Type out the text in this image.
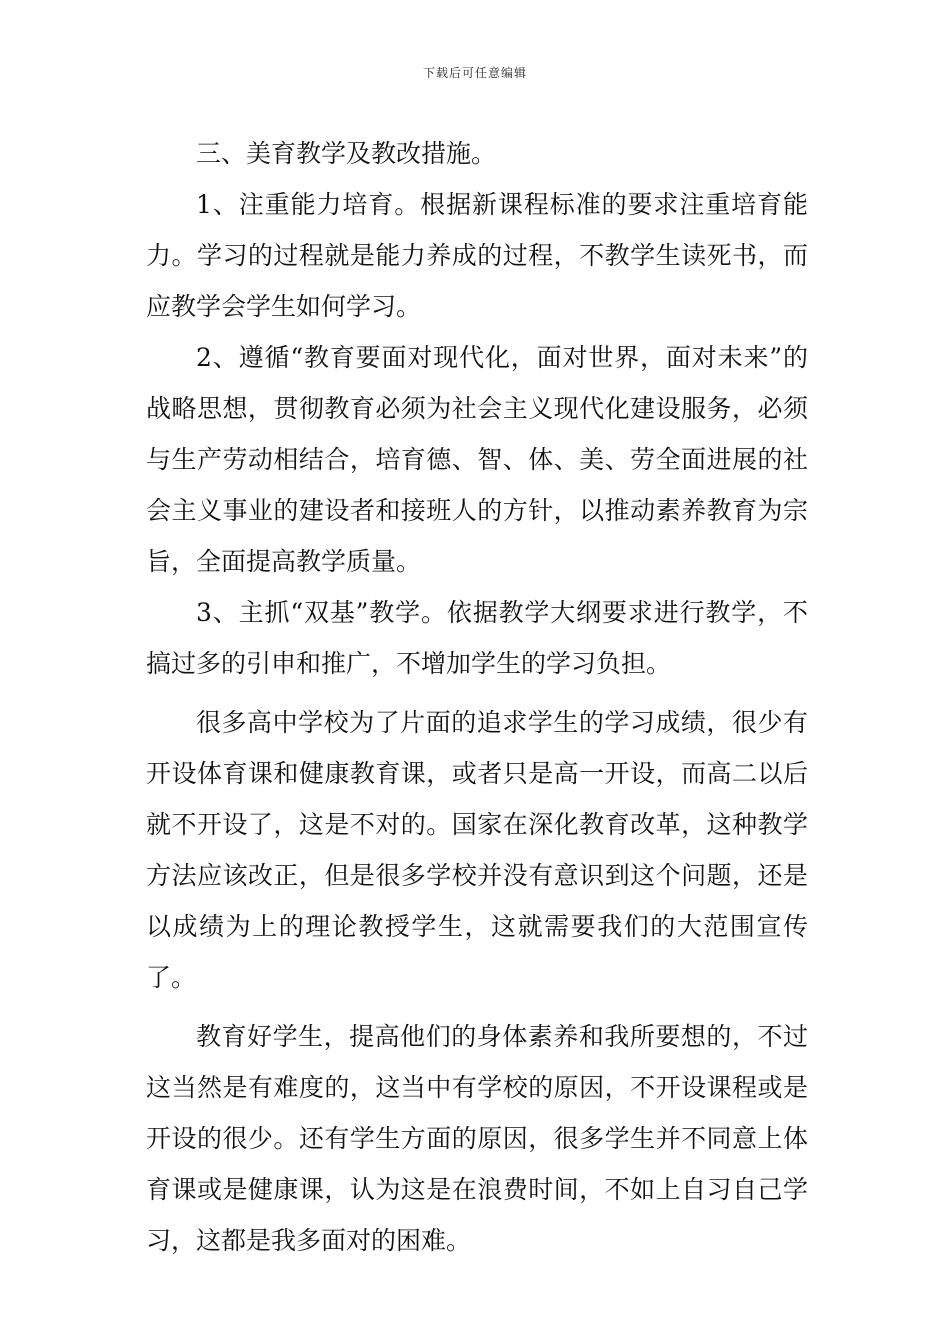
下载后可任意编辑

三、美育教学及教改措施。

1、注重能力培育。根据新课程标准的要求注重培育能力。学习的过程就是能力养成的过程，不教学生读死书，而应教学会学生如何学习。

2、遵循“教育要面对现代化，面对世界，面对未来”的战略思想，贯彻教育必须为社会主义现代化建设服务，必须与生产劳动相结合，培育德、智、体、美、劳全面进展的社会主义事业的建设者和接班人的方针，以推动素养教育为宗旨，全面提高教学质量。

3、主抓“双基”教学。依据教学大纲要求进行教学，不搞过多的引申和推广，不增加学生的学习负担。

很多高中学校为了片面的追求学生的学习成绩，很少有开设体育课和健康教育课，或者只是高一开设，而高二以后就不开设了，这是不对的。国家在深化教育改革，这种教学方法应该改正，但是很多学校并没有意识到这个问题，还是以成绩为上的理论教授学生，这就需要我们的大范围宣传了。

教育好学生，提高他们的身体素养和我所要想的，不过这当然是有难度的，这当中有学校的原因，不开设课程或是开设的很少。还有学生方面的原因，很多学生并不同意上体育课或是健康课，认为这是在浪费时间，不如上自习自己学习，这都是我多面对的困难。
